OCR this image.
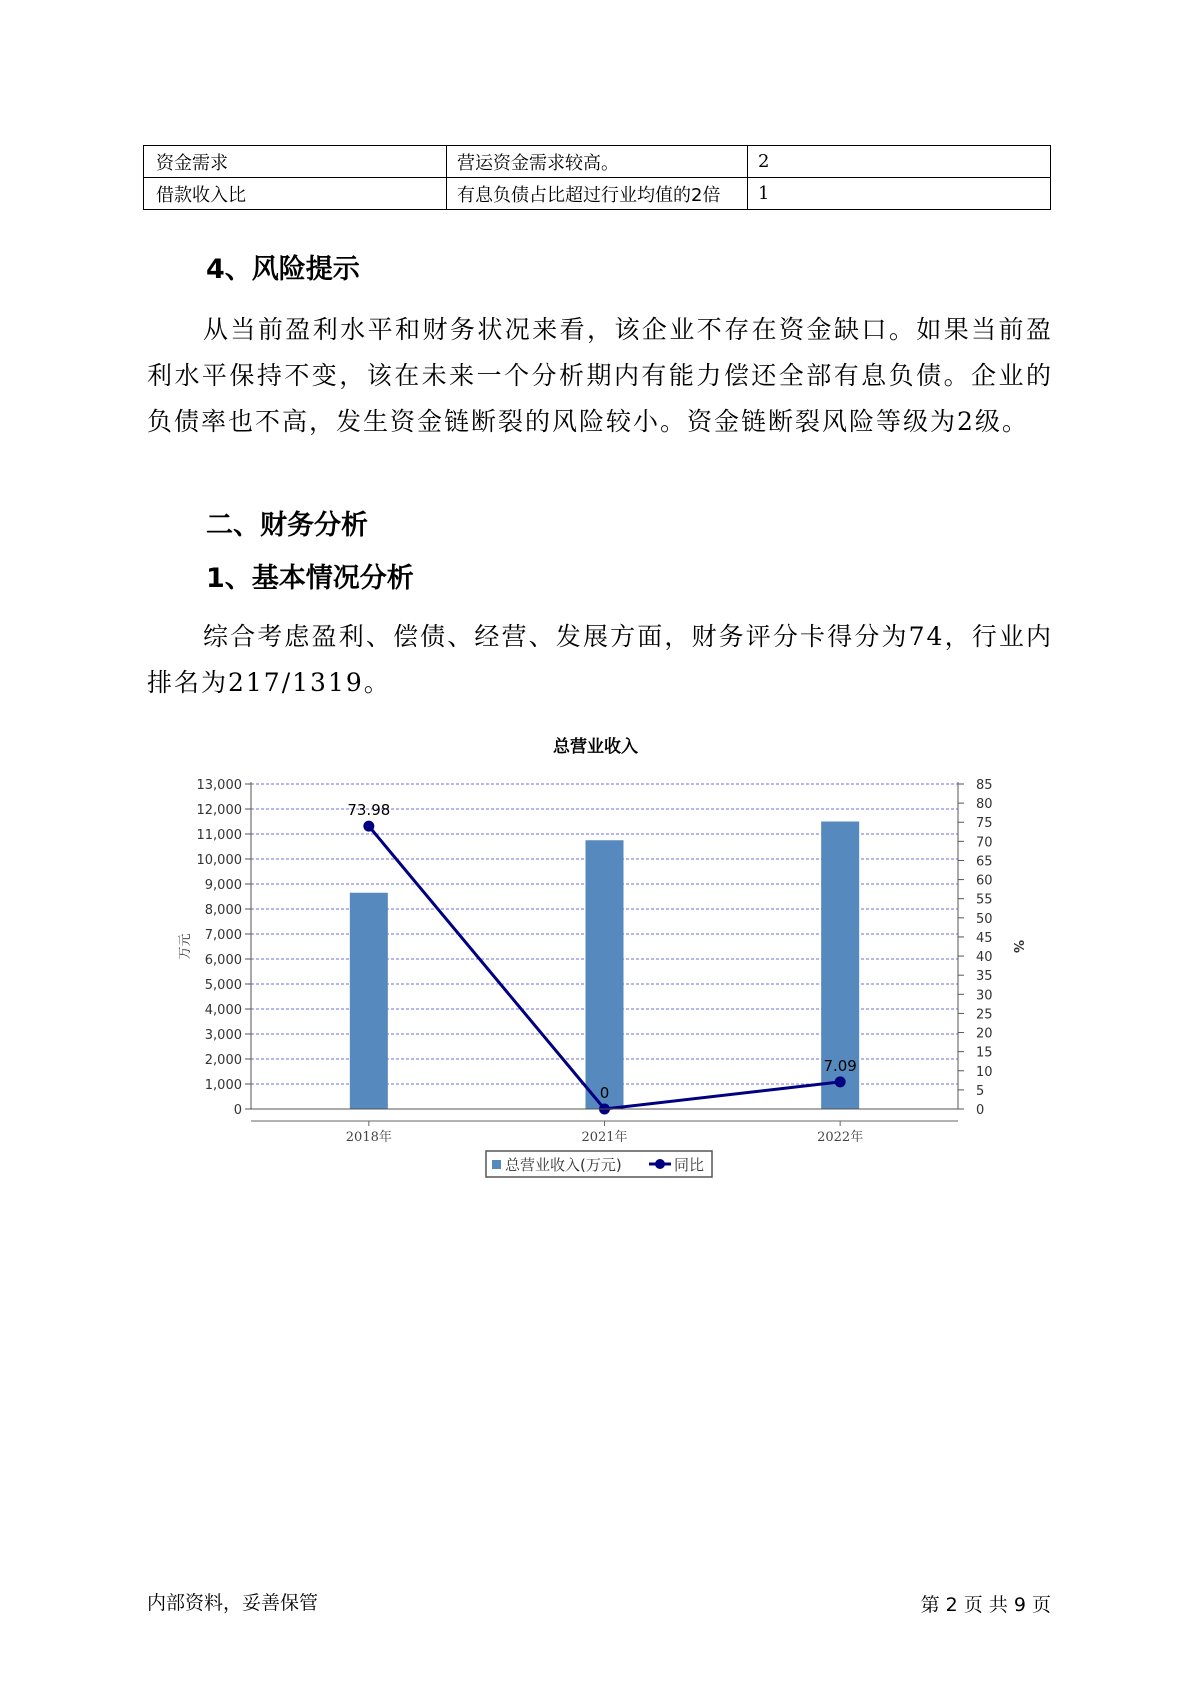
资金需求	营运资金需求较高。	2
借款收入比	有息负债占比超过行业均值的2倍	1
4、风险提示
从当前盈利水平和财务状况来看，该企业不存在资金缺口。如果当前盈利水平保持不变，该在未来一个分析期内有能力偿还全部有息负债。企业的负债率也不高，发生资金链断裂的风险较小。资金链断裂风险等级为2级。
二、财务分析
1、基本情况分析
综合考虑盈利、偿债、经营、发展方面，财务评分卡得分为74，行业内排名为217/1319。
总营业收入
73.98
0
7.09
0
1,000
2,000
3,000
4,000
5,000
6,000
7,000
8,000
9,000
10,000
11,000
12,000
13,000
0
5
10
15
20
25
30
35
40
45
50
55
60
65
70
75
80
85
万元	%
2018年	2021年	2022年
总营业收入(万元)	同比
内部资料，妥善保管	第 2 页 共 9 页
